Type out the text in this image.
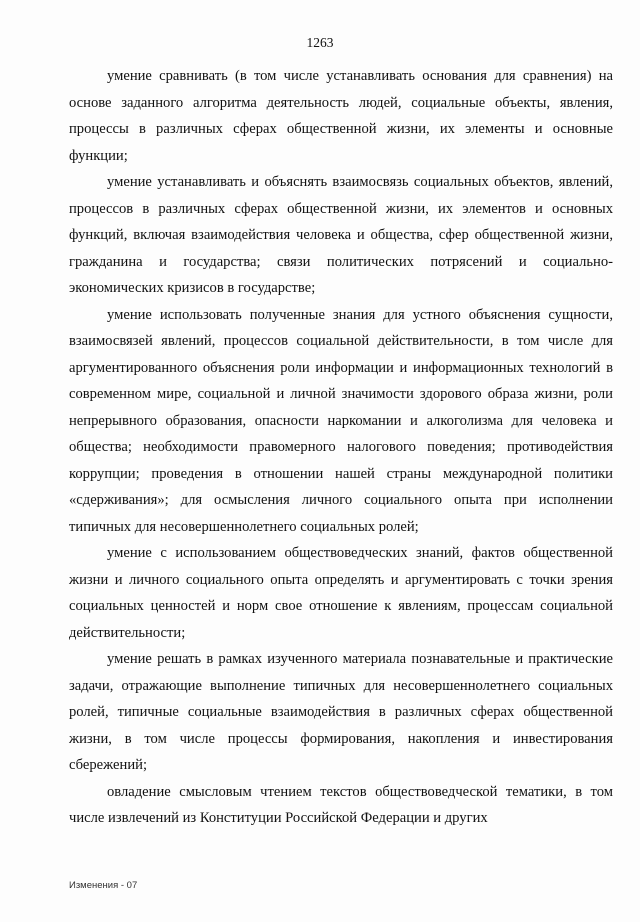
1263

умение сравнивать (в том числе устанавливать основания для сравнения) на основе заданного алгоритма деятельность людей, социальные объекты, явления, процессы в различных сферах общественной жизни, их элементы и основные функции;

умение устанавливать и объяснять взаимосвязь социальных объектов, явлений, процессов в различных сферах общественной жизни, их элементов и основных функций, включая взаимодействия человека и общества, сфер общественной жизни, гражданина и государства; связи политических потрясений и социально-экономических кризисов в государстве;

умение использовать полученные знания для устного объяснения сущности, взаимосвязей явлений, процессов социальной действительности, в том числе для аргументированного объяснения роли информации и информационных технологий в современном мире, социальной и личной значимости здорового образа жизни, роли непрерывного образования, опасности наркомании и алкоголизма для человека и общества; необходимости правомерного налогового поведения; противодействия коррупции; проведения в отношении нашей страны международной политики «сдерживания»; для осмысления личного социального опыта при исполнении типичных для несовершеннолетнего социальных ролей;

умение с использованием обществоведческих знаний, фактов общественной жизни и личного социального опыта определять и аргументировать с точки зрения социальных ценностей и норм свое отношение к явлениям, процессам социальной действительности;

умение решать в рамках изученного материала познавательные и практические задачи, отражающие выполнение типичных для несовершеннолетнего социальных ролей, типичные социальные взаимодействия в различных сферах общественной жизни, в том числе процессы формирования, накопления и инвестирования сбережений;

овладение смысловым чтением текстов обществоведческой тематики, в том числе извлечений из Конституции Российской Федерации и других

Изменения - 07
